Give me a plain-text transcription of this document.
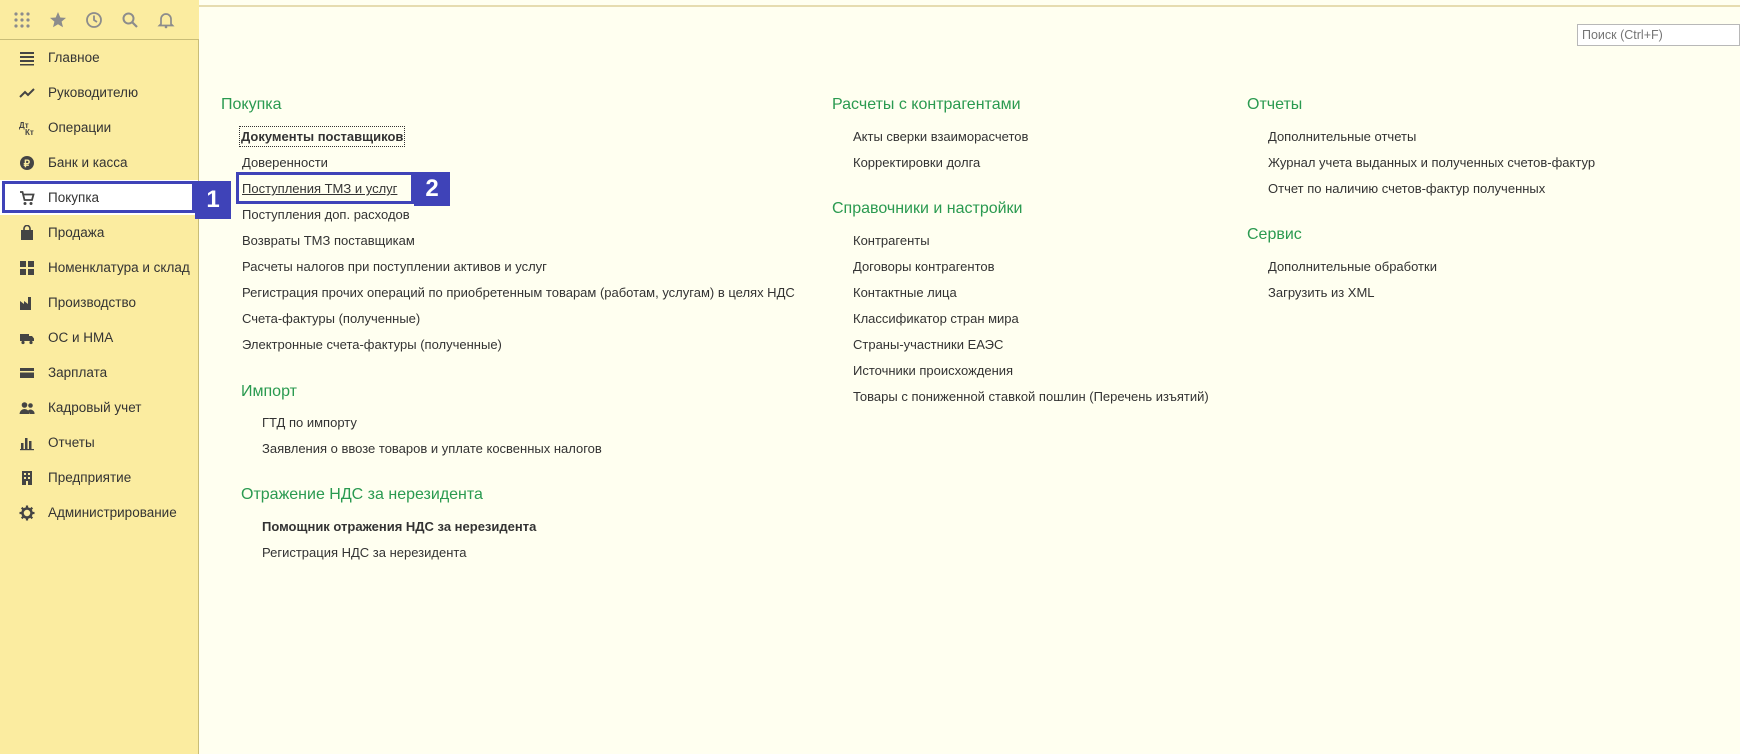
Главное
Руководителю
Дт
Кт Операции
₽ Банк и касса
Покупка
Продажа
Номенклатура и склад
Производство
ОС и НМА
Зарплата
Кадровый учет
Отчеты
Предприятие
Администрирование
1
Поиск (Ctrl+F)
Покупка
Документы поставщиков
Доверенности
Поступления ТМЗ и услуг
Поступления доп. расходов
Возвраты ТМЗ поставщикам
Расчеты налогов при поступлении активов и услуг
Регистрация прочих операций по приобретенным товарам (работам, услугам) в целях НДС
Счета-фактуры (полученные)
Электронные счета-фактуры (полученные)
Импорт
ГТД по импорту
Заявления о ввозе товаров и уплате косвенных налогов
Отражение НДС за нерезидента
Помощник отражения НДС за нерезидента
Регистрация НДС за нерезидента
2
Расчеты с контрагентами
Акты сверки взаиморасчетов
Корректировки долга
Справочники и настройки
Контрагенты
Договоры контрагентов
Контактные лица
Классификатор стран мира
Страны-участники ЕАЭС
Источники происхождения
Товары с пониженной ставкой пошлин (Перечень изъятий)
Отчеты
Дополнительные отчеты
Журнал учета выданных и полученных счетов-фактур
Отчет по наличию счетов-фактур полученных
Сервис
Дополнительные обработки
Загрузить из XML
